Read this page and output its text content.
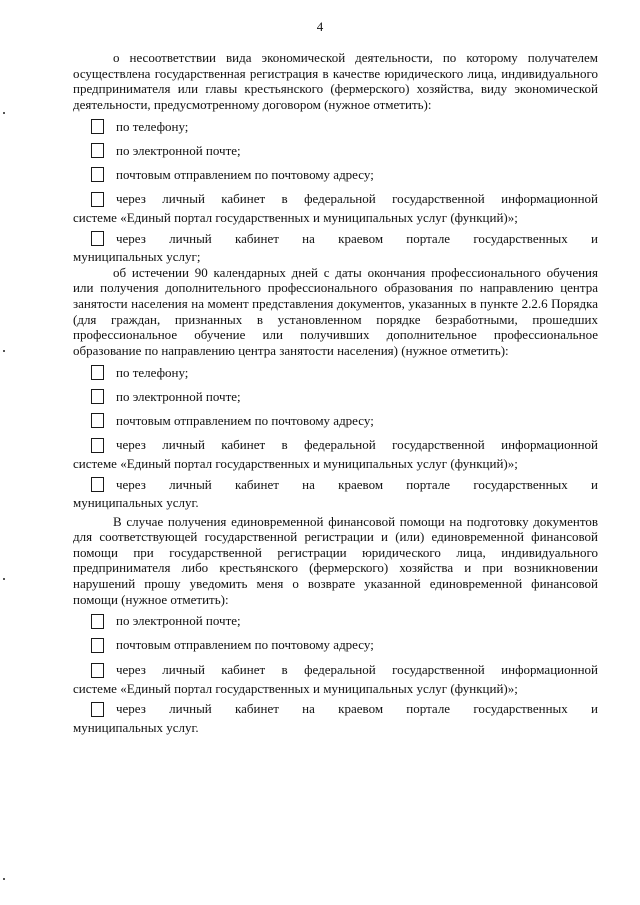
4

о несоответствии вида экономической деятельности, по которому получателем осуществлена государственная регистрация в качестве юридического лица, индивидуального предпринимателя или главы крестьянского (фермерского) хозяйства, виду экономической деятельности, предусмотренному договором (нужное отметить):

по телефону;
по электронной почте;
почтовым отправлением по почтовому адресу;
через личный кабинет в федеральной государственной информационной
системе «Единый портал государственных и муниципальных услуг (функций)»;
через личный кабинет на краевом портале государственных и
муниципальных услуг;

об истечении 90 календарных дней с даты окончания профессионального обучения или получения дополнительного профессионального образования по направлению центра занятости населения на момент представления документов, указанных в пункте 2.2.6 Порядка (для граждан, признанных в установленном порядке безработными, прошедших профессиональное обучение или получивших дополнительное профессиональное образование по направлению центра занятости населения) (нужное отметить):

по телефону;
по электронной почте;
почтовым отправлением по почтовому адресу;
через личный кабинет в федеральной государственной информационной
системе «Единый портал государственных и муниципальных услуг (функций)»;
через личный кабинет на краевом портале государственных и
муниципальных услуг.

В случае получения единовременной финансовой помощи на подготовку документов для соответствующей государственной регистрации и (или) единовременной финансовой помощи при государственной регистрации юридического лица, индивидуального предпринимателя либо крестьянского (фермерского) хозяйства и при возникновении нарушений прошу уведомить меня о возврате указанной единовременной финансовой помощи (нужное отметить):

по электронной почте;
почтовым отправлением по почтовому адресу;
через личный кабинет в федеральной государственной информационной
системе «Единый портал государственных и муниципальных услуг (функций)»;
через личный кабинет на краевом портале государственных и
муниципальных услуг.
